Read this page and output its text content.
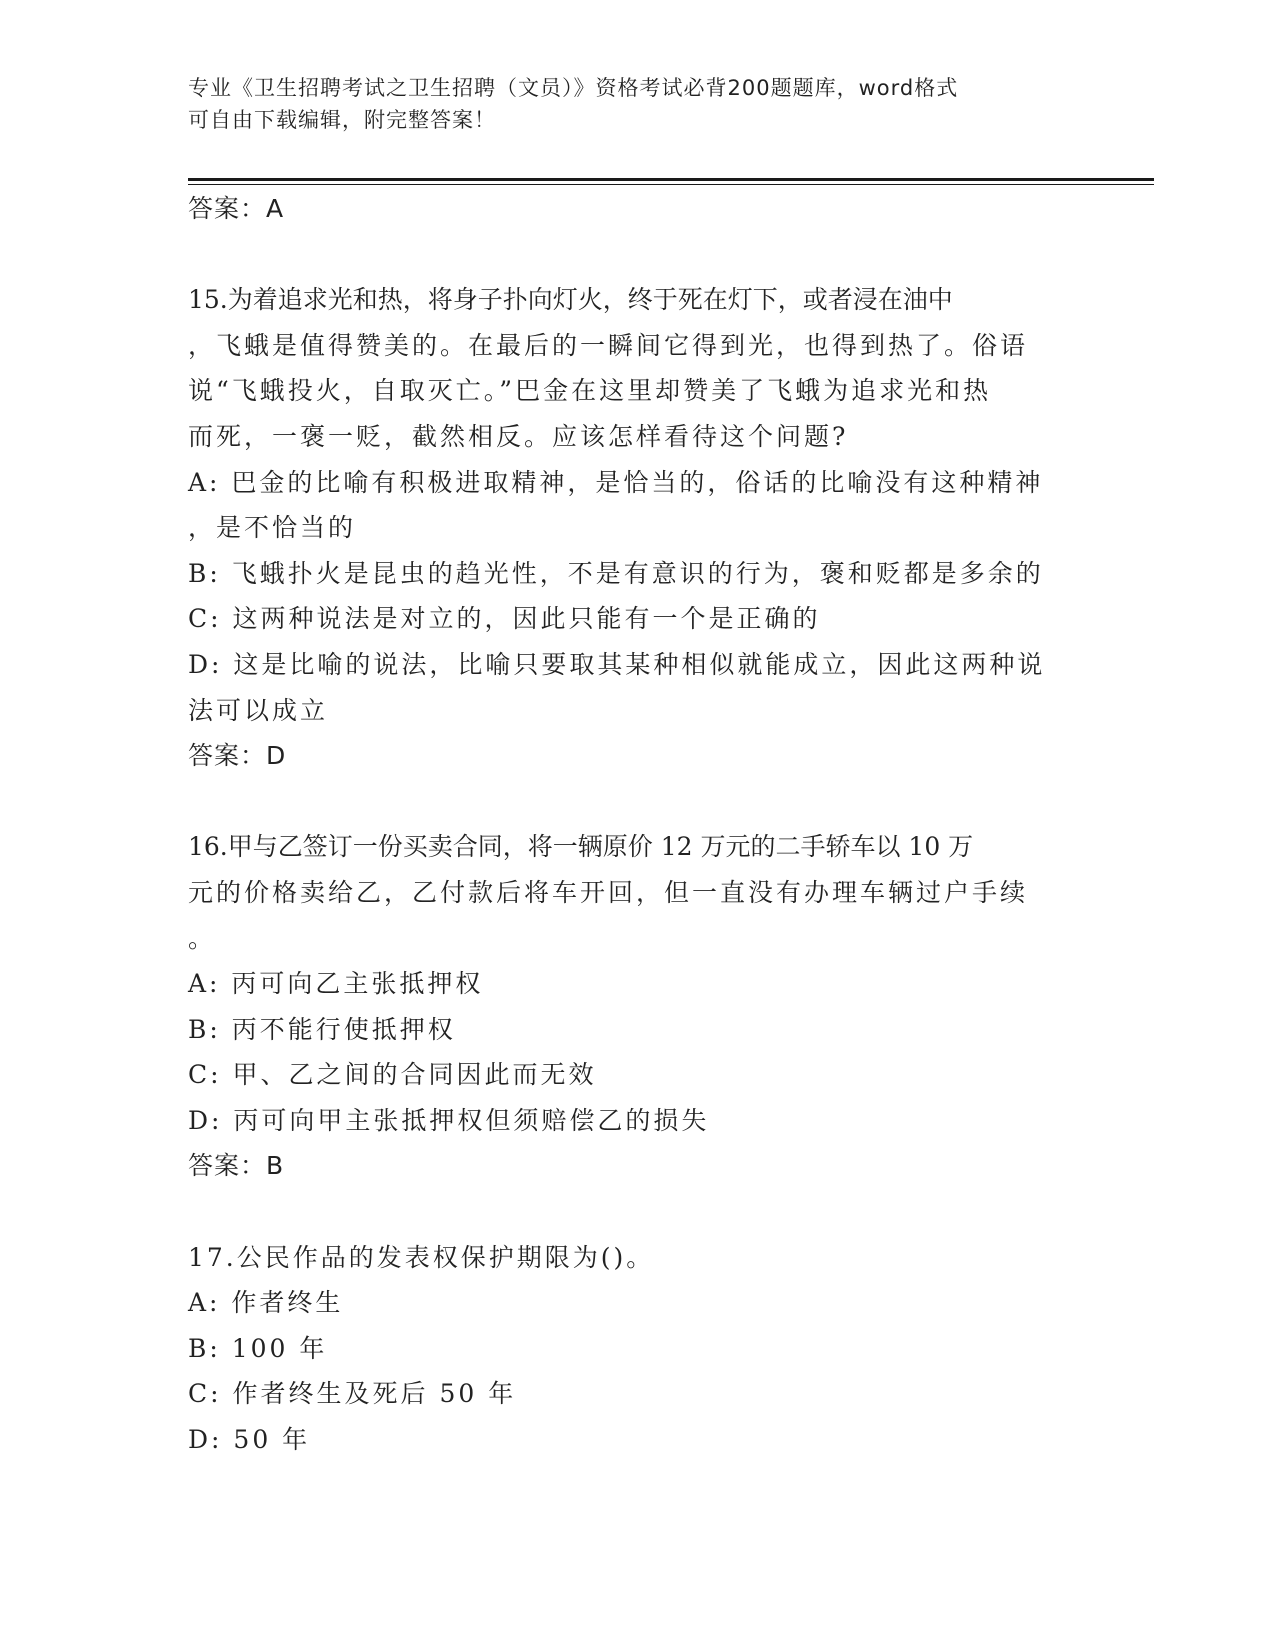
专业《卫生招聘考试之卫生招聘（文员）》资格考试必背200题题库，word格式
可自由下载编辑，附完整答案！
答案：A
15.为着追求光和热，将身子扑向灯火，终于死在灯下，或者浸在油中
，飞蛾是值得赞美的。在最后的一瞬间它得到光，也得到热了。俗语
说“飞蛾投火，自取灭亡。”巴金在这里却赞美了飞蛾为追求光和热
而死，一褒一贬，截然相反。应该怎样看待这个问题?
A: 巴金的比喻有积极进取精神，是恰当的，俗话的比喻没有这种精神
，是不恰当的
B: 飞蛾扑火是昆虫的趋光性，不是有意识的行为，褒和贬都是多余的
C: 这两种说法是对立的，因此只能有一个是正确的
D: 这是比喻的说法，比喻只要取其某种相似就能成立，因此这两种说
法可以成立
答案：D
16.甲与乙签订一份买卖合同，将一辆原价 12 万元的二手轿车以 10 万
元的价格卖给乙，乙付款后将车开回，但一直没有办理车辆过户手续
。
A: 丙可向乙主张抵押权
B: 丙不能行使抵押权
C: 甲、乙之间的合同因此而无效
D: 丙可向甲主张抵押权但须赔偿乙的损失
答案：B
17.公民作品的发表权保护期限为()。
A: 作者终生
B: 100 年
C: 作者终生及死后 50 年
D: 50 年
